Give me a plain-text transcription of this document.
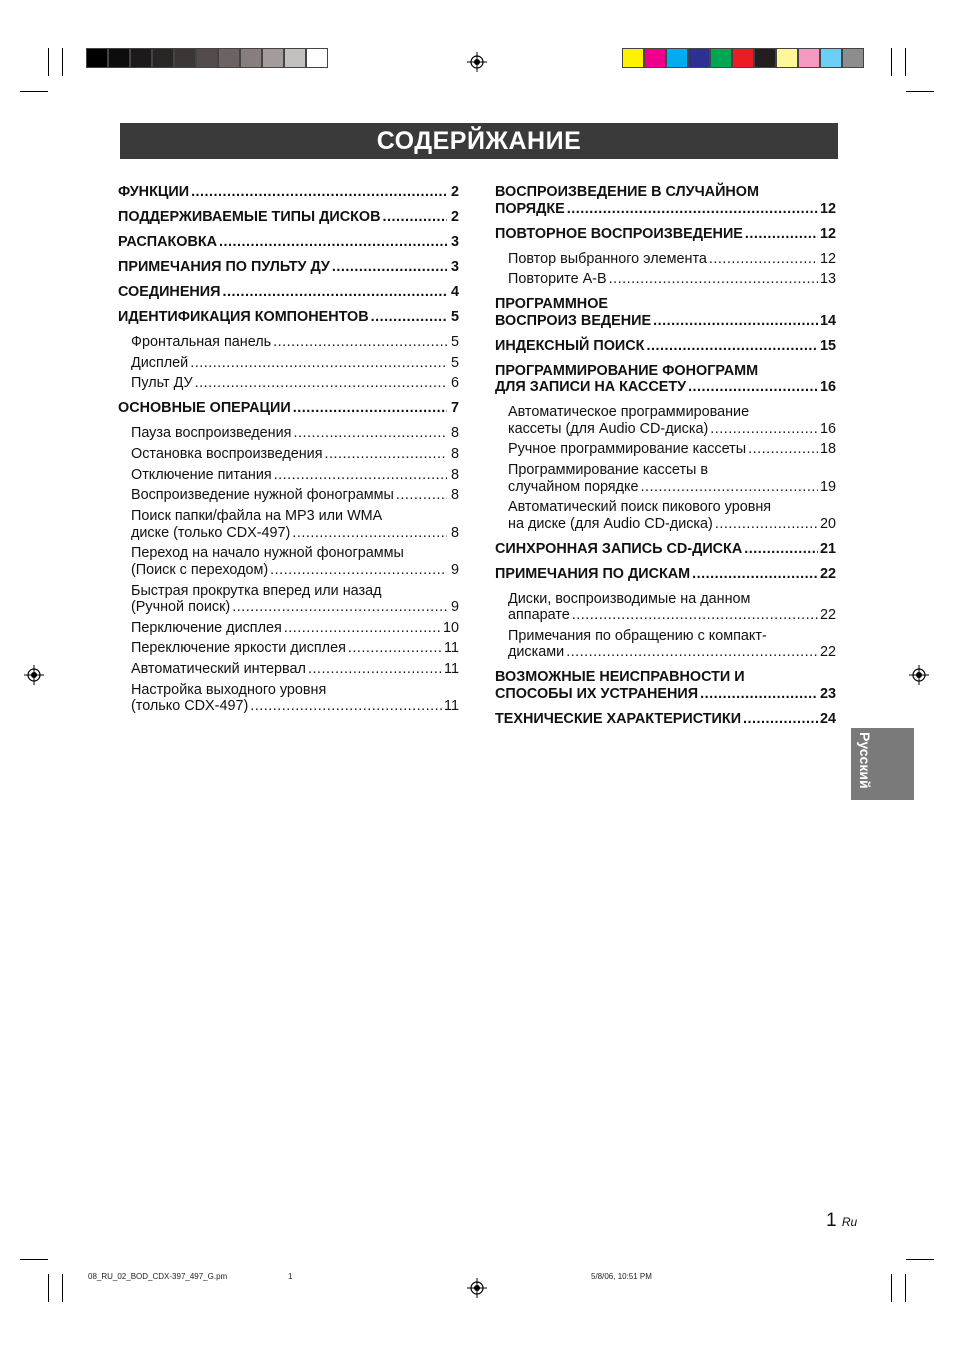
СОДЕРЙЖАНИЕ
ФУНКЦИИ .....	2
ПОДДЕРЖИВАЕМЫЕ ТИПЫ ДИСКОВ .....	2
РАСПАКОВКА .....	3
ПРИМЕЧАНИЯ ПО ПУЛЬТУ ДУ .....	3
СОЕДИНЕНИЯ .....	4
ИДЕНТИФИКАЦИЯ КОМПОНЕНТОВ .....	5
Фронтальная панель .....	5
Дисплей .....	5
Пульт ДУ .....	6
ОСНОВНЫЕ ОПЕРАЦИИ .....	7
Пауза воспроизведения .....	8
Остановка воспроизведения .....	8
Отключение питания .....	8
Воспроизведение нужной фонограммы .....	8
Поиск папки/файла на MP3 или WMA
диске (только CDX-497) .....	8
Переход на начало нужной фонограммы
(Поиск с переходом) .....	9
Быстрая прокрутка вперед или назад
(Ручной поиск) .....	9
Перключение дисплея .....	10
Переключение яркости дисплея .....	11
Автоматический интервал .....	11
Настройка выходного уровня
(только CDX-497) .....	11
ВОСПРОИЗВЕДЕНИЕ В СЛУЧАЙНОМ
ПОРЯДКЕ .....	12
ПОВТОРНОЕ ВОСПРОИЗВЕДЕНИЕ .....	12
Повтор выбранного элемента .....	12
Повторите A-B .....	13
ПРОГРАММНОЕ
ВОСПРОИЗ ВЕДЕНИЕ .....	14
ИНДЕКСНЫЙ ПОИСК .....	15
ПРОГРАММИРОВАНИЕ ФОНОГРАММ
ДЛЯ ЗАПИСИ НА КАССЕТУ .....	16
Автоматическое программирование
кассеты (для Audio CD-диска) .....	16
Ручное программирование кассеты .....	18
Программирование кассеты в
случайном порядке .....	19
Автоматический поиск пикового уровня
на диске (для Audio CD-диска) .....	20
СИНХРОННАЯ ЗАПИСЬ CD-ДИСКА .....	21
ПРИМЕЧАНИЯ ПО ДИСКАМ .....	22
Диски, воспроизводимые на данном
аппарате .....	22
Примечания по обращению с компакт-
дисками .....	22
ВОЗМОЖНЫЕ НЕИСПРАВНОСТИ И
СПОСОБЫ ИХ УСТРАНЕНИЯ .....	23
ТЕХНИЧЕСКИЕ ХАРАКТЕРИСТИКИ .....	24
Русский
1 Ru
08_RU_02_BOD_CDX-397_497_G.pm	1	5/8/06, 10:51 PM
